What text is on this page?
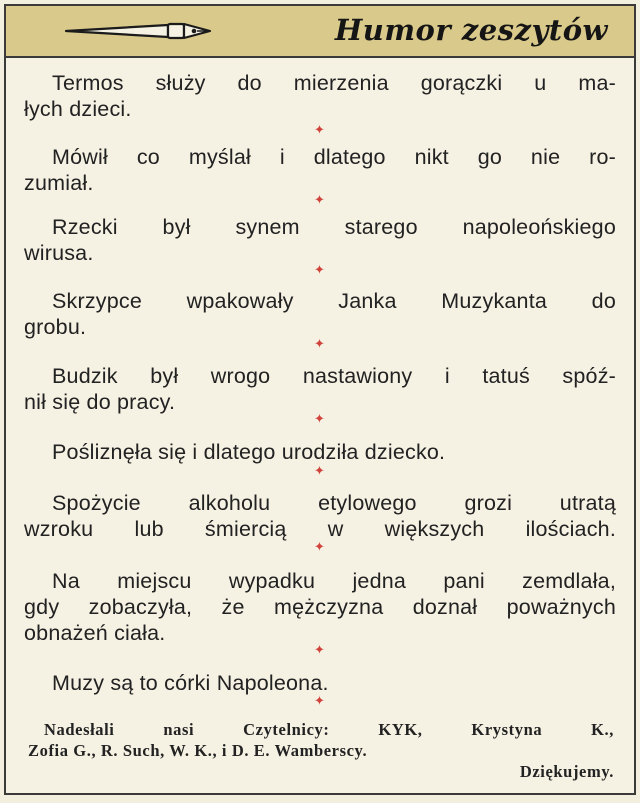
Humor zeszytów
Termos służy do mierzenia gorączki u ma-
łych dzieci.
✦
Mówił co myślał i dlatego nikt go nie ro-
zumiał.
✦
Rzecki był synem starego napoleońskiego
wirusa.
✦
Skrzypce wpakowały Janka Muzykanta do
grobu.
✦
Budzik był wrogo nastawiony i tatuś spóź-
nił się do pracy.
✦
Pośliznęła się i dlatego urodziła dziecko.
✦
Spożycie alkoholu etylowego grozi utratą
wzroku lub śmiercią w większych ilościach.
✦
Na miejscu wypadku jedna pani zemdlała,
gdy zobaczyła, że mężczyzna doznał poważnych
obnażeń ciała.
✦
Muzy są to córki Napoleona.
✦
Nadesłali nasi Czytelnicy: KYK, Krystyna K.,
Zofia G., R. Such, W. K., i D. E. Wamberscy.
Dziękujemy.
